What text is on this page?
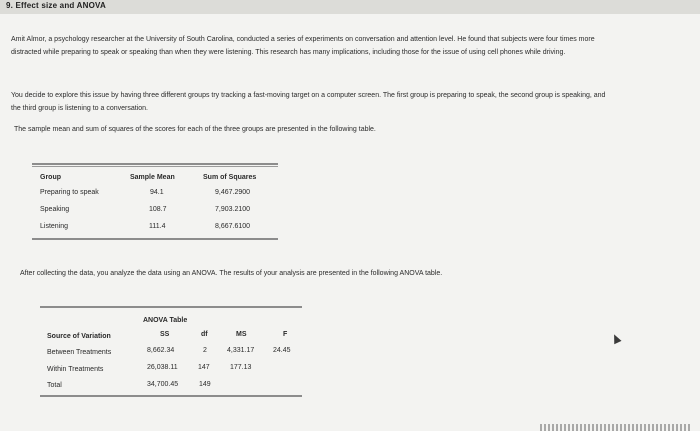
9. Effect size and ANOVA
Amit Almor, a psychology researcher at the University of South Carolina, conducted a series of experiments on conversation and attention level. He found that subjects were four times more distracted while preparing to speak or speaking than when they were listening. This research has many implications, including those for the issue of using cell phones while driving.
You decide to explore this issue by having three different groups try tracking a fast-moving target on a computer screen. The first group is preparing to speak, the second group is speaking, and the third group is listening to a conversation.
The sample mean and sum of squares of the scores for each of the three groups are presented in the following table.
Group	Sample Mean	Sum of Squares
Preparing to speak	94.1	9,467.2900
Speaking	108.7	7,903.2100
Listening	111.4	8,667.6100
After collecting the data, you analyze the data using an ANOVA. The results of your analysis are presented in the following ANOVA table.
ANOVA Table
Source of Variation	SS	df	MS	F
Between Treatments	8,662.34	2	4,331.17	24.45
Within Treatments	26,038.11	147	177.13
Total	34,700.45	149
